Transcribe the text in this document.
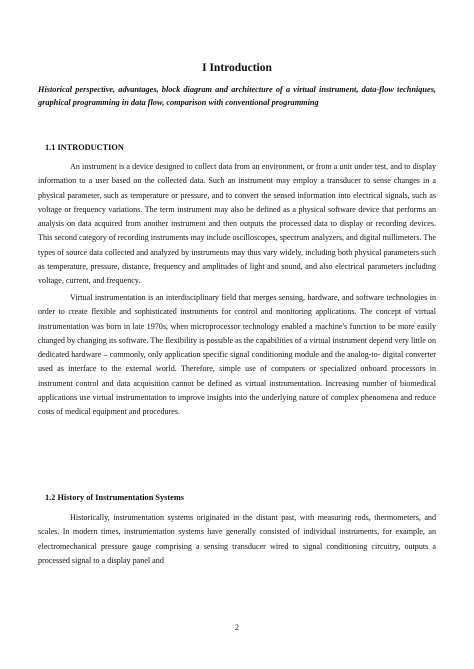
I Introduction
Historical perspective, advantages, block diagram and architecture of a virtual instrument, data-flow techniques, graphical programming in data flow, comparison with conventional programming
1.1 INTRODUCTION

An instrument is a device designed to collect data from an environment, or from a unit under test, and to display information to a user based on the collected data. Such an instrument may employ a transducer to sense changes in a physical parameter, such as temperature or pressure, and to convert the sensed information into electrical signals, such as voltage or frequency variations. The term instrument may also be defined as a physical software device that performs an analysis on data acquired from another instrument and then outputs the processed data to display or recording devices. This second category of recording instruments may include oscilloscopes, spectrum analyzers, and digital millimeters. The types of source data collected and analyzed by instruments may thus vary widely, including both physical parameters such as temperature, pressure, distance, frequency and amplitudes of light and sound, and also electrical parameters including voltage, current, and frequency.

Virtual instrumentation is an interdisciplinary field that merges sensing, hardware, and software technologies in order to create flexible and sophisticated instruments for control and monitoring applications. The concept of virtual instrumentation was born in late 1970s, when microprocessor technology enabled a machine's function to be more easily changed by changing its software. The flexibility is possible as the capabilities of a virtual instrument depend very little on dedicated hardware – commonly, only application specific signal conditioning module and the analog-to- digital converter used as interface to the external world. Therefore, simple use of computers or specialized onboard processors in instrument control and data acquisition cannot be defined as virtual instrumentation. Increasing number of biomedical applications use virtual instrumentation to improve insights into the underlying nature of complex phenomena and reduce costs of medical equipment and procedures.

1.2 History of Instrumentation Systems

Historically, instrumentation systems originated in the distant past, with measuring rods, thermometers, and scales. In modern times, instrumentation systems have generally consisted of individual instruments, for example, an electromechanical pressure gauge comprising a sensing transducer wired to signal conditioning circuitry, outputs a processed signal to a display panel and

2
